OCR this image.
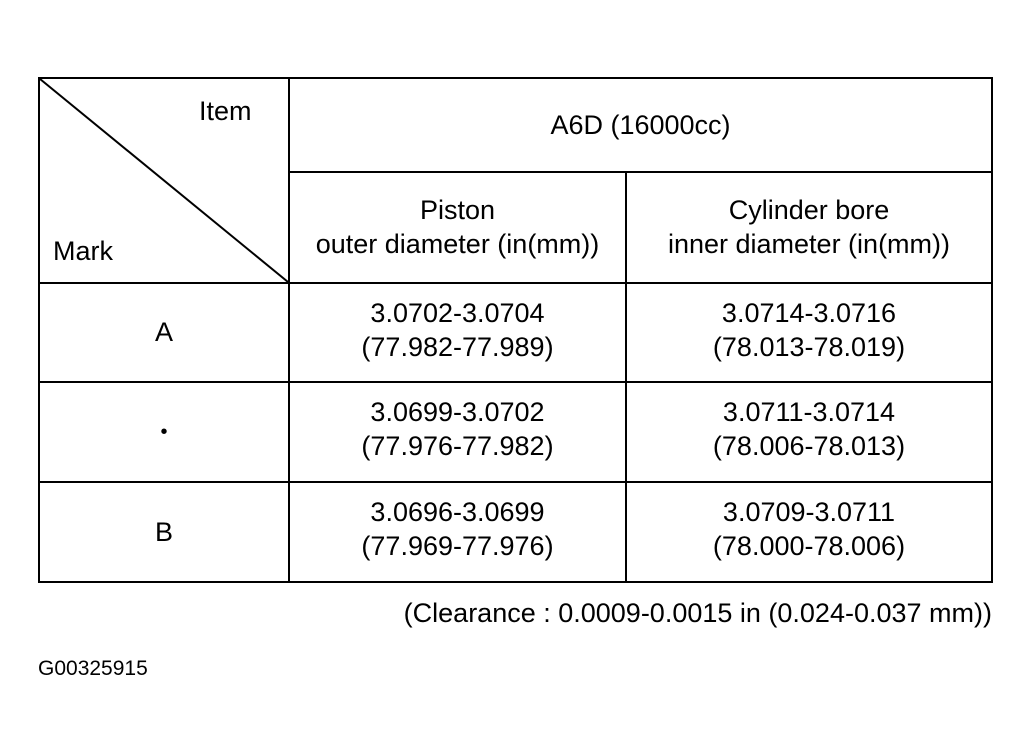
Item
Mark
A6D (16000cc)
Piston
outer diameter (in(mm))
Cylinder bore
inner diameter (in(mm))
A
3.0702-3.0704
(77.982-77.989)
3.0714-3.0716
(78.013-78.019)
•
3.0699-3.0702
(77.976-77.982)
3.0711-3.0714
(78.006-78.013)
B
3.0696-3.0699
(77.969-77.976)
3.0709-3.0711
(78.000-78.006)
(Clearance : 0.0009-0.0015 in (0.024-0.037 mm))
G00325915
